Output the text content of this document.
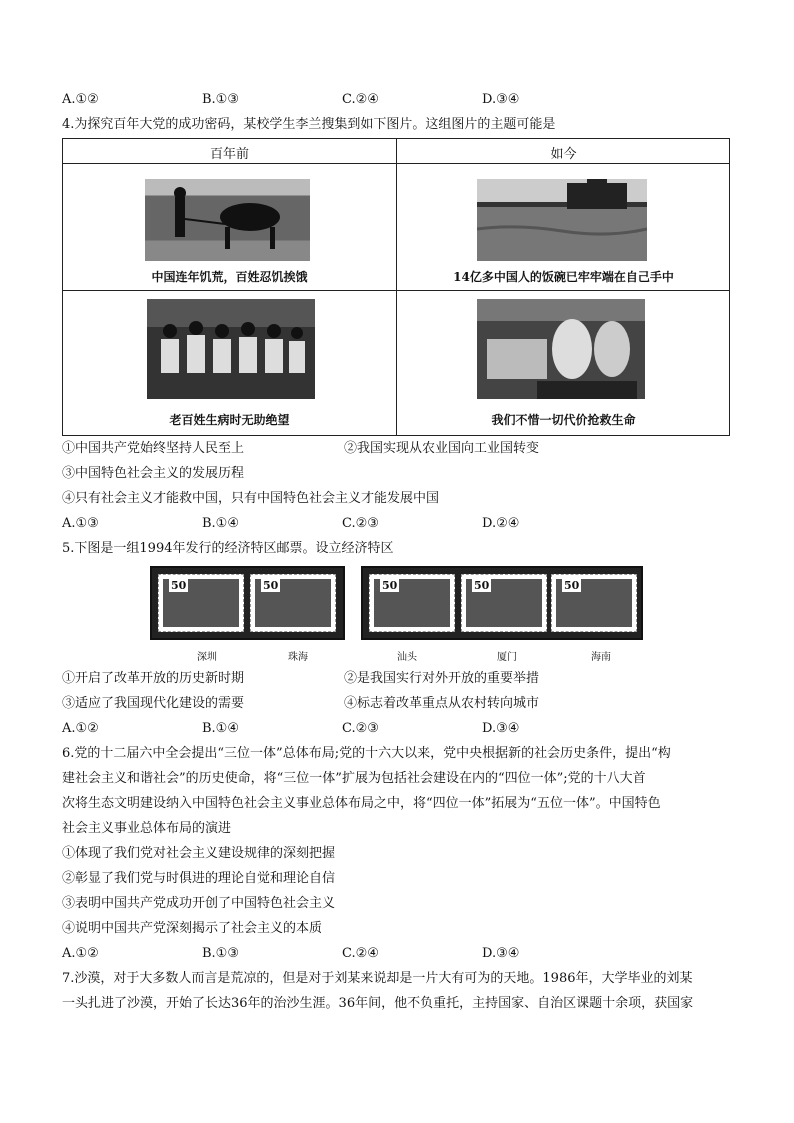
A.①②	B.①③	C.②④	D.③④
4.为探究百年大党的成功密码，某校学生李兰搜集到如下图片。这组图片的主题可能是
百年前	如今
中国连年饥荒，百姓忍饥挨饿	14亿多中国人的饭碗已牢牢端在自己手中
老百姓生病时无助绝望	我们不惜一切代价抢救生命
①中国共产党始终坚持人民至上	②我国实现从农业国向工业国转变
③中国特色社会主义的发展历程
④只有社会主义才能救中国，只有中国特色社会主义才能发展中国
A.①③	B.①④	C.②③	D.②④
5.下图是一组1994年发行的经济特区邮票。设立经济特区
50	50	50	50	50
深圳	珠海	汕头	厦门	海南
①开启了改革开放的历史新时期	②是我国实行对外开放的重要举措
③适应了我国现代化建设的需要	④标志着改革重点从农村转向城市
A.①②	B.①④	C.②③	D.③④
6.党的十二届六中全会提出“三位一体”总体布局;党的十六大以来，党中央根据新的社会历史条件，提出“构
建社会主义和谐社会”的历史使命，将“三位一体”扩展为包括社会建设在内的“四位一体”;党的十八大首
次将生态文明建设纳入中国特色社会主义事业总体布局之中，将“四位一体”拓展为“五位一体”。中国特色
社会主义事业总体布局的演进
①体现了我们党对社会主义建设规律的深刻把握
②彰显了我们党与时俱进的理论自觉和理论自信
③表明中国共产党成功开创了中国特色社会主义
④说明中国共产党深刻揭示了社会主义的本质
A.①②	B.①③	C.②④	D.③④
7.沙漠，对于大多数人而言是荒凉的，但是对于刘某来说却是一片大有可为的天地。1986年，大学毕业的刘某
一头扎进了沙漠，开始了长达36年的治沙生涯。36年间，他不负重托，主持国家、自治区课题十余项，获国家
